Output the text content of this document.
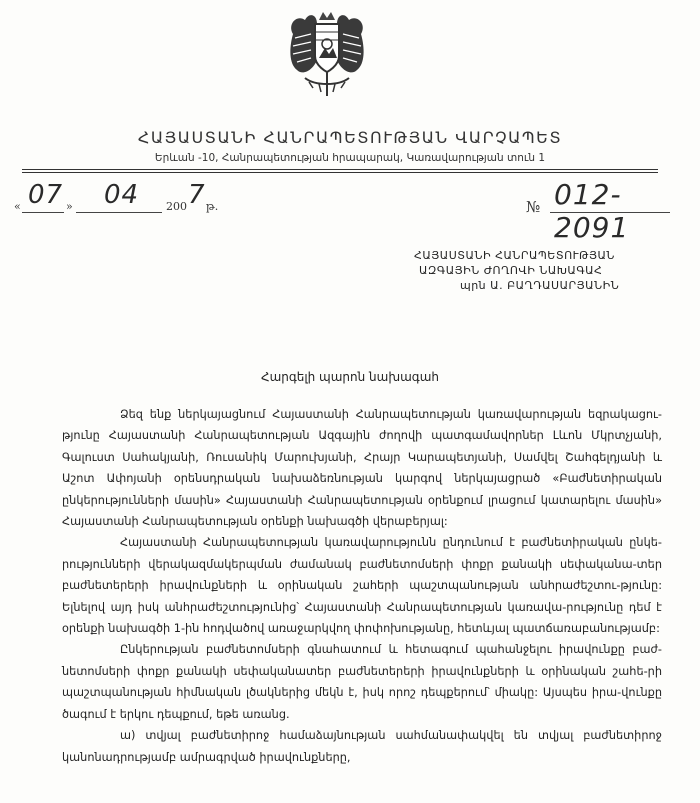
ՀԱՅԱՍՏԱՆԻ ՀԱՆՐԱՊԵՏՈՒԹՅԱՆ ՎԱՐՉԱՊԵՏ
Երևան -10, Հանրապետության հրապարակ, Կառավարության տուն 1
« 07 » 04 200 7 թ.	№ 012-2091
ՀԱՅԱՍՏԱՆԻ ՀԱՆՐԱՊԵՏՈՒԹՅԱՆ
ԱԶԳԱՅԻՆ ԺՈՂՈՎԻ ՆԱԽԱԳԱՀ
պրն Ա. ԲԱՂԴԱՍԱՐՅԱՆԻՆ
Հարգելի պարոն նախագահ

Ձեզ ենք ներկայացնում Հայաստանի Հանրապետության կառավարության եզրակացու-թյունը Հայաստանի Հանրապետության Ազգային ժողովի պատգամավորներ Լևոն Մկրտչյանի, Գալուստ Սահակյանի, Ռուսանիկ Մարուխյանի, Հրայր Կարապետյանի, Սամվել Շահգելդյանի և Աշոտ Ափոյանի օրենսդրական նախաձեռնության կարգով ներկայացրած «Բաժնետիրական ընկերությունների մասին» Հայաստանի Հանրապետության օրենքում լրացում կատարելու մասին» Հայաստանի Հանրապետության օրենքի նախագծի վերաբերյալ:

Հայաստանի Հանրապետության կառավարությունն ընդունում է բաժնետիրական ընկե-րությունների վերակազմակերպման ժամանակ բաժնետոմսերի փոքր քանակի սեփականա-տեր բաժնետերերի իրավունքների և օրինական շահերի պաշտպանության անհրաժեշտու-թյունը: Ելնելով այդ իսկ անհրաժեշտությունից՝ Հայաստանի Հանրապետության կառավա-րությունը դեմ է օրենքի նախագծի 1-ին հոդվածով առաջարկվող փոփոխությանը, հետևյալ պատճառաբանությամբ:

Ընկերության բաժնետոմսերի գնահատում և հետագում պահանջելու իրավունքը բաժ-նետոմսերի փոքր քանակի սեփականատեր բաժնետերերի իրավունքների և օրինական շահե-րի պաշտպանության հիմնական լծակներից մեկն է, իսկ որոշ դեպքերում՝ միակը: Այսպես իրա-վունքը ծագում է երկու դեպքում, եթե առանց.

ա) տվյալ բաժնետիրոջ համաձայնության սահմանափակվել են տվյալ բաժնետիրոջ կանոնադրությամբ ամրագրված իրավունքները,
